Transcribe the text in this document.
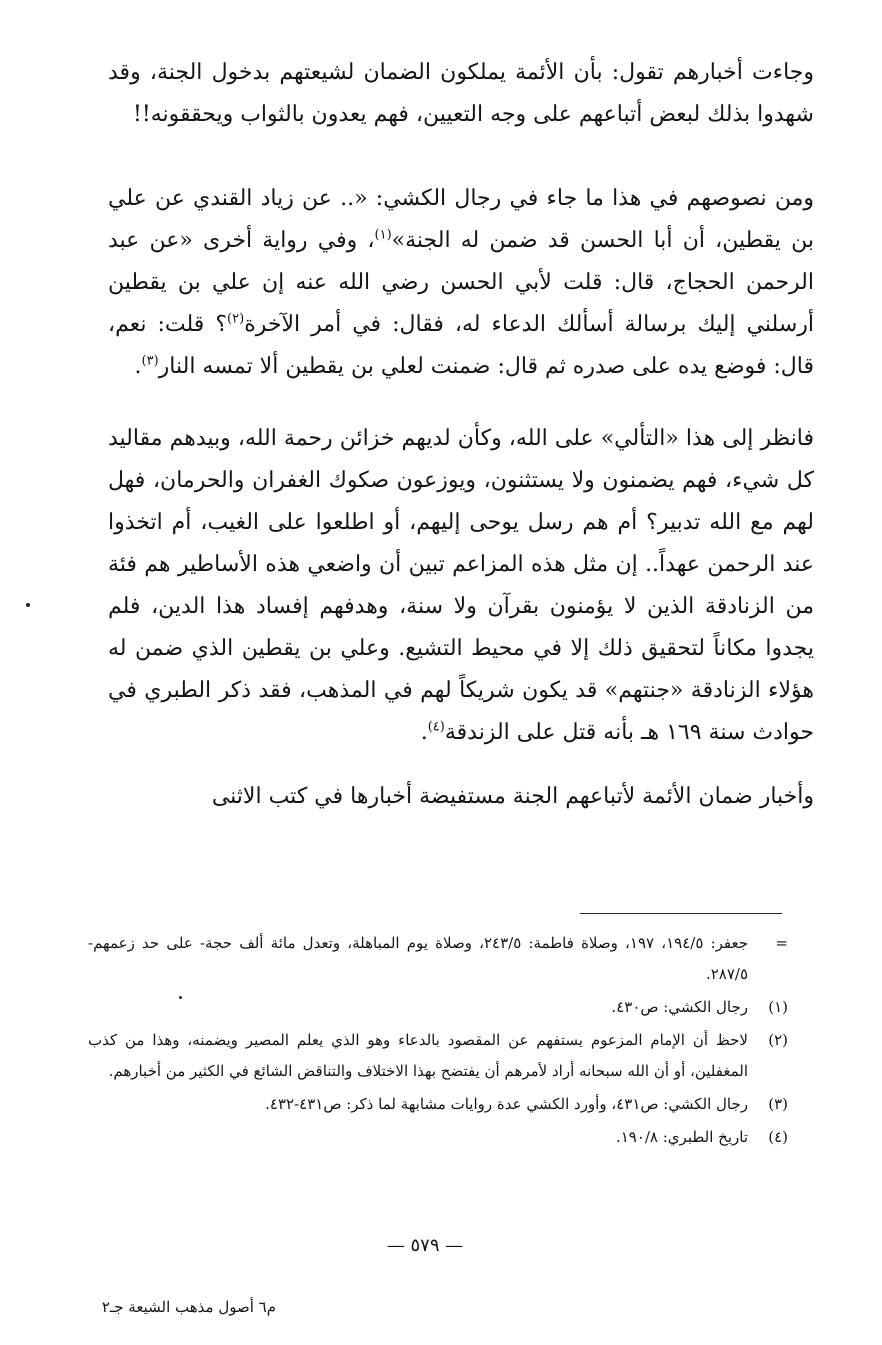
وجاءت أخبارهم تقول: بأن الأئمة يملكون الضمان لشيعتهم بدخول الجنة، وقد شهدوا بذلك لبعض أتباعهم على وجه التعيين، فهم يعدون بالثواب ويحققونه!!

ومن نصوصهم في هذا ما جاء في رجال الكشي: «.. عن زياد القندي عن علي بن يقطين، أن أبا الحسن قد ضمن له الجنة»$^{(١)}$، وفي رواية أخرى «عن عبد الرحمن الحجاج، قال: قلت لأبي الحسن رضي الله عنه إن علي بن يقطين أرسلني إليك برسالة أسألك الدعاء له، فقال: في أمر الآخرة$^{(٢)}$؟ قلت: نعم، قال: فوضع يده على صدره ثم قال: ضمنت لعلي بن يقطين ألا تمسه النار$^{(٣)}$.

فانظر إلى هذا «التألي» على الله، وكأن لديهم خزائن رحمة الله، وبيدهم مقاليد كل شيء، فهم يضمنون ولا يستثنون، ويوزعون صكوك الغفران والحرمان، فهل لهم مع الله تدبير؟ أم هم رسل يوحى إليهم، أو اطلعوا على الغيب، أم اتخذوا عند الرحمن عهداً.. إن مثل هذه المزاعم تبين أن واضعي هذه الأساطير هم فئة من الزنادقة الذين لا يؤمنون بقرآن ولا سنة، وهدفهم إفساد هذا الدين، فلم يجدوا مكاناً لتحقيق ذلك إلا في محيط التشيع. وعلي بن يقطين الذي ضمن له هؤلاء الزنادقة «جنتهم» قد يكون شريكاً لهم في المذهب، فقد ذكر الطبري في حوادث سنة ١٦٩ هـ بأنه قتل على الزندقة$^{(٤)}$.

وأخبار ضمان الأئمة لأتباعهم الجنة مستفيضة أخبارها في كتب الاثنى

=
جعفر: ١٩٤/٥، ١٩٧، وصلاة فاطمة: ٢٤٣/٥، وصلاة يوم المباهلة، وتعدل مائة ألف حجة- على حد زعمهم- ٢٨٧/٥.
(١)
رجال الكشي: ص٤٣٠.
(٢)
لاحظ أن الإمام المزعوم يستفهم عن المقصود بالدعاء وهو الذي يعلم المصير ويضمنه، وهذا من كذب المغفلين، أو أن الله سبحانه أراد لأمرهم أن يفتضح بهذا الاختلاف والتناقض الشائع في الكثير من أخبارهم.
(٣)
رجال الكشي: ص٤٣١، وأورد الكشي عدة روايات مشابهة لما ذكر: ص٤٣١-٤٣٢.
(٤)
تاريخ الطبري: ١٩٠/٨.
— ٥٧٩ —
م٦ أصول مذهب الشيعة جـ٢
